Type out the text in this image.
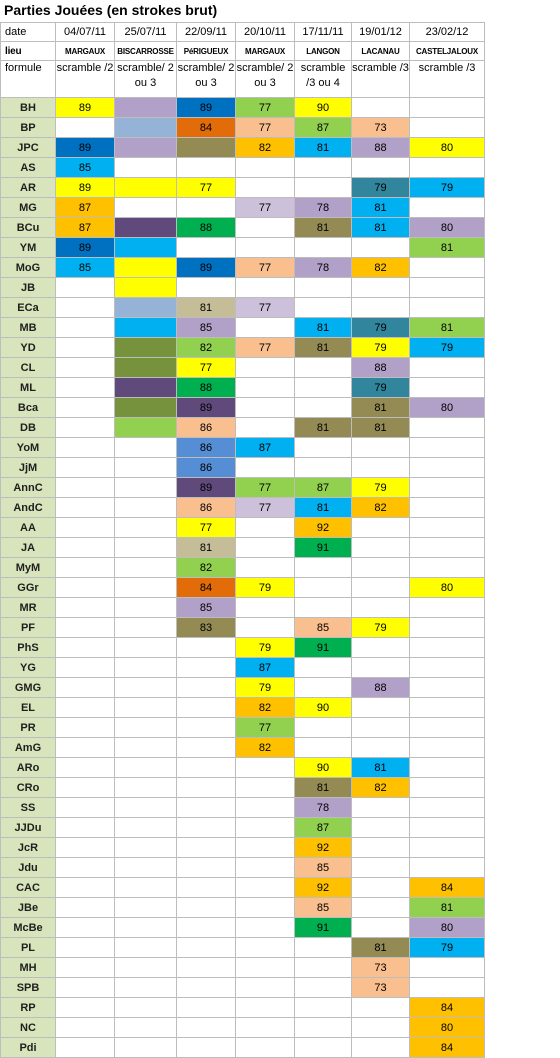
Parties Jouées (en strokes brut)
date	04/07/11	25/07/11	22/09/11	20/10/11	17/11/11	19/01/12	23/02/12
lieu	MARGAUX	BISCARROSSE	PéRIGUEUX	MARGAUX	LANGON	LACANAU	CASTELJALOUX
formule	scramble /2	scramble/ 2 ou 3	scramble/ 2 ou 3	scramble/ 2 ou 3	scramble /3 ou 4	scramble /3	scramble /3
BH	89		89	77	90		
BP			84	77	87	73	
JPC	89			82	81	88	80
AS	85						
AR	89		77			79	79
MG	87			77	78	81	
BCu	87		88		81	81	80
YM	89						81
MoG	85		89	77	78	82	
JB							
ECa			81	77			
MB			85		81	79	81
YD			82	77	81	79	79
CL			77			88	
ML			88			79	
Bca			89			81	80
DB			86		81	81	
YoM			86	87			
JjM			86				
AnnC			89	77	87	79	
AndC			86	77	81	82	
AA			77		92		
JA			81		91		
MyM			82				
GGr			84	79			80
MR			85				
PF			83		85	79	
PhS				79	91		
YG				87			
GMG				79		88	
EL				82	90		
PR				77			
AmG				82			
ARo					90	81	
CRo					81	82	
SS					78		
JJDu					87		
JcR					92		
Jdu					85		
CAC					92		84
JBe					85		81
McBe					91		80
PL						81	79
MH						73	
SPB						73	
RP							84
NC							80
Pdi							84
